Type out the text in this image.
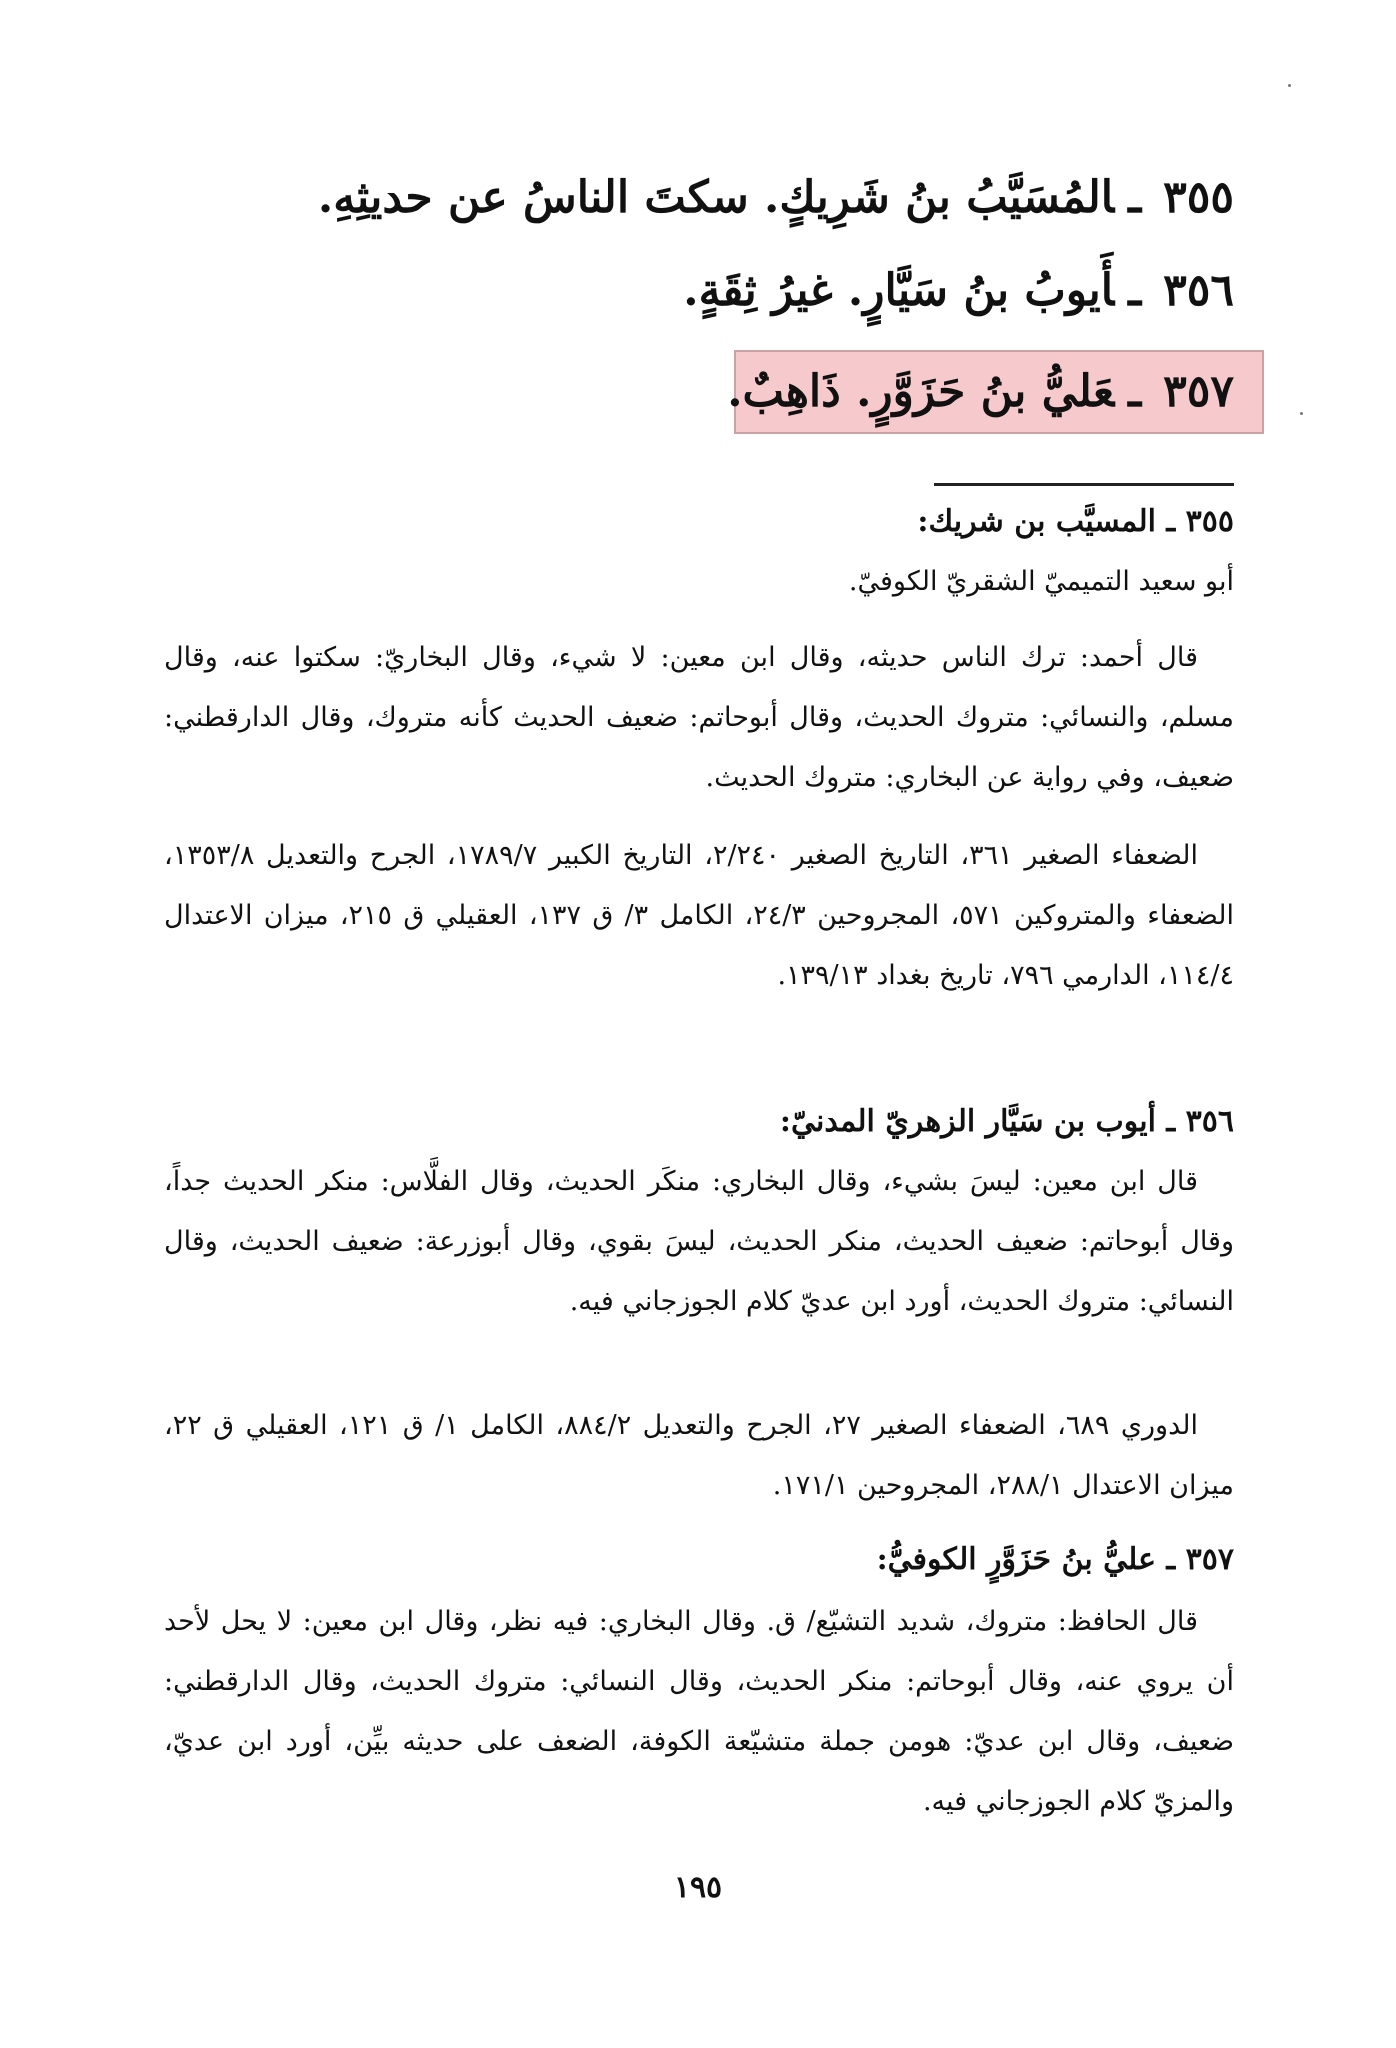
٣٥٥ـالمُسَيَّبُ بنُ شَرِيكٍ. سكتَ الناسُ عن حديثِهِ.
٣٥٦ـأَيوبُ بنُ سَيَّارٍ. غيرُ ثِقَةٍ.
٣٥٧ـعَليُّ بنُ حَزَوَّرٍ. ذَاهِبٌ.
٣٥٥ ـ المسيَّب بن شريك:
أبو سعيد التميميّ الشقريّ الكوفيّ.
قال أحمد: ترك الناس حديثه، وقال ابن معين: لا شيء، وقال البخاريّ: سكتوا عنه، وقال مسلم، والنسائي: متروك الحديث، وقال أبوحاتم: ضعيف الحديث كأنه متروك، وقال الدارقطني: ضعيف، وفي رواية عن البخاري: متروك الحديث.
الضعفاء الصغير ٣٦١، التاريخ الصغير ٢/٢٤٠، التاريخ الكبير ١٧٨٩/٧، الجرح والتعديل ١٣٥٣/٨، الضعفاء والمتروكين ٥٧١، المجروحين ٢٤/٣، الكامل ٣/ ق ١٣٧، العقيلي ق ٢١٥، ميزان الاعتدال ١١٤/٤، الدارمي ٧٩٦، تاريخ بغداد ١٣٩/١٣.
٣٥٦ ـ أيوب بن سَيَّار الزهريّ المدنيّ:
قال ابن معين: ليسَ بشيء، وقال البخاري: منكَر الحديث، وقال الفلَّاس: منكر الحديث جداً، وقال أبوحاتم: ضعيف الحديث، منكر الحديث، ليسَ بقوي، وقال أبوزرعة: ضعيف الحديث، وقال النسائي: متروك الحديث، أورد ابن عديّ كلام الجوزجاني فيه.
الدوري ٦٨٩، الضعفاء الصغير ٢٧، الجرح والتعديل ٨٨٤/٢، الكامل ١/ ق ١٢١، العقيلي ق ٢٢، ميزان الاعتدال ٢٨٨/١، المجروحين ١٧١/١.
٣٥٧ ـ عليُّ بنُ حَزَوَّرٍ الكوفيُّ:
قال الحافظ: متروك، شديد التشيّع/ ق. وقال البخاري: فيه نظر، وقال ابن معين: لا يحل لأحد أن يروي عنه، وقال أبوحاتم: منكر الحديث، وقال النسائي: متروك الحديث، وقال الدارقطني: ضعيف، وقال ابن عديّ: هومن جملة متشيّعة الكوفة، الضعف على حديثه بيِّن، أورد ابن عديّ، والمزيّ كلام الجوزجاني فيه.
١٩٥
